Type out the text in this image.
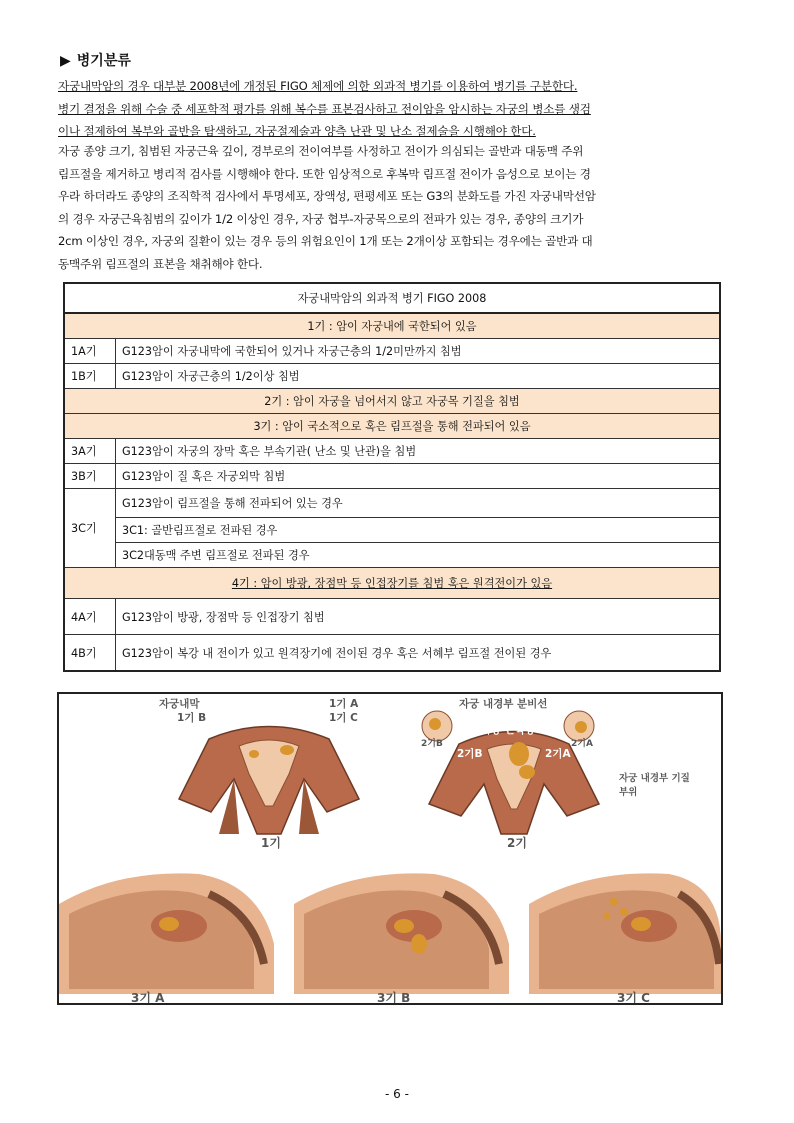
▶ 병기분류
자궁내막암의 경우 대부분 2008년에 개정된 FIGO 체제에 의한 외과적 병기를 이용하여 병기를 구분한다.
병기 결정을 위해 수술 중 세포학적 평가를 위해 복수를 표본검사하고 전이암을 암시하는 자궁의 병소를 생검
이나 절제하여 복부와 골반을 탐색하고, 자궁절제술과 양측 난관 및 난소 절제술을 시행해야 한다.
자궁 종양 크기, 침범된 자궁근육 깊이, 경부로의 전이여부를 사정하고 전이가 의심되는 골반과 대동맥 주위
림프절을 제거하고 병리적 검사를 시행해야 한다. 또한 임상적으로 후복막 림프절 전이가 음성으로 보이는 경
우라 하더라도 종양의 조직학적 검사에서 투명세포, 장액성, 편평세포 또는 G3의 분화도를 가진 자궁내막선암
의 경우 자궁근육침범의 깊이가 1/2 이상인 경우, 자궁 협부-자궁목으로의 전파가 있는 경우, 종양의 크기가
2cm 이상인 경우, 자궁외 질환이 있는 경우 등의 위험요인이 1개 또는 2개이상 포함되는 경우에는 골반과 대
동맥주위 림프절의 표본을 채취해야 한다.
자궁내막암의 외과적 병기 FIGO 2008	
1기 : 암이 자궁내에 국한되어 있음	
1A기	G123암이 자궁내막에 국한되어 있거나 자궁근층의 1/2미만까지 침범
1B기	G123암이 자궁근층의 1/2이상 침범
2기 : 암이 자궁을 넘어서지 않고 자궁목 기질을 침범	
3기 : 암이 국소적으로 혹은 림프절을 통해 전파되어 있음	
3A기	G123암이 자궁의 장막 혹은 부속기관( 난소 및 난관)을 침범
3B기	G123암이 질 혹은 자궁외막 침범
3C기	G123암이 림프절을 통해 전파되어 있는 경우
	3C1: 골반림프절로 전파된 경우
	3C2대동맥 주변 림프절로 전파된 경우
4기 : 암이 방광, 장점막 등 인접장기를 침범 혹은 원격전이가 있음	
4A기	G123암이 방광, 장점막 등 인접장기 침범
4B기	G123암이 복강 내 전이가 있고 원격장기에 전이된 경우 혹은 서혜부 림프절 전이된 경우
자궁내막	1기 A
1기 B	1기 C
자궁 내경부 분비선
자궁 근육층
2기B	2기A
2기B	2기A
자궁 내경부 기질부위
1기	2기
3기 A	3기 B	3기 C
- 6 -
